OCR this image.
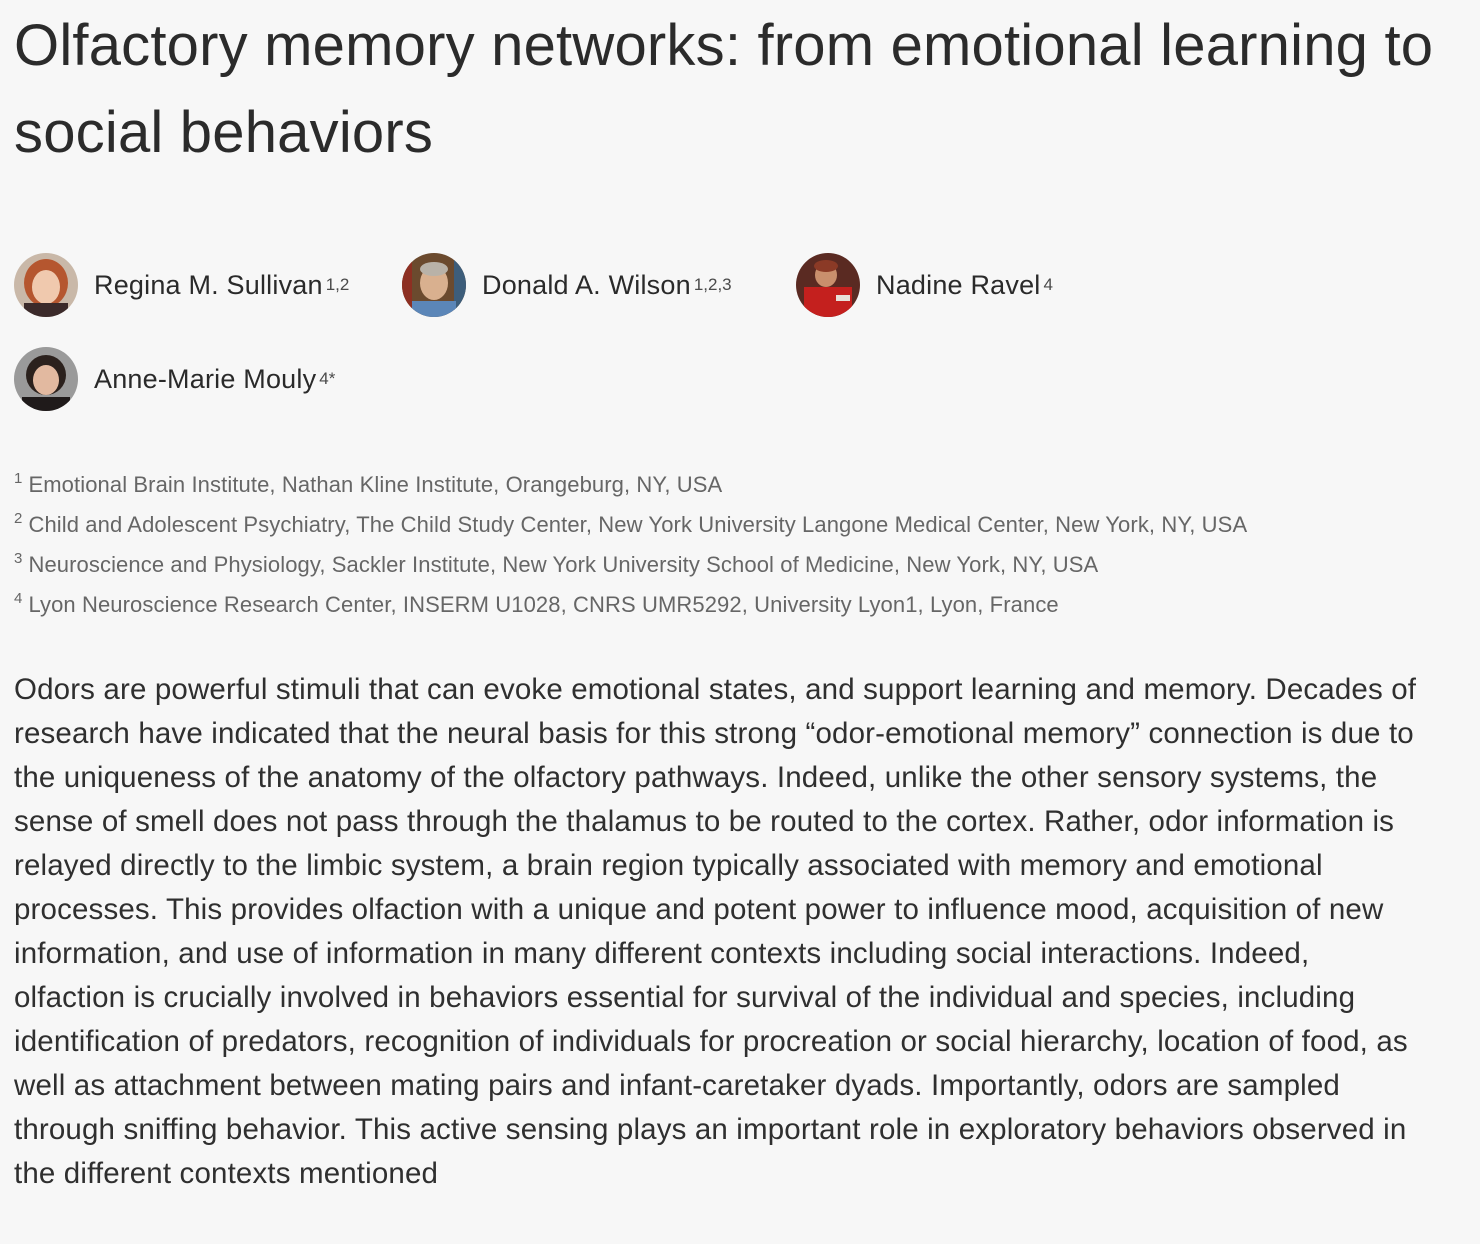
Olfactory memory networks: from emotional learning to social behaviors
Regina M. Sullivan 1,2	Donald A. Wilson 1,2,3	Nadine Ravel 4
Anne-Marie Mouly 4*
$^1$ Emotional Brain Institute, Nathan Kline Institute, Orangeburg, NY, USA
$^2$ Child and Adolescent Psychiatry, The Child Study Center, New York University Langone Medical Center, New York, NY, USA
$^3$ Neuroscience and Physiology, Sackler Institute, New York University School of Medicine, New York, NY, USA
$^4$ Lyon Neuroscience Research Center, INSERM U1028, CNRS UMR5292, University Lyon1, Lyon, France

Odors are powerful stimuli that can evoke emotional states, and support learning and memory. Decades of research have indicated that the neural basis for this strong “odor-emotional memory” connection is due to the uniqueness of the anatomy of the olfactory pathways. Indeed, unlike the other sensory systems, the sense of smell does not pass through the thalamus to be routed to the cortex. Rather, odor information is relayed directly to the limbic system, a brain region typically associated with memory and emotional processes. This provides olfaction with a unique and potent power to influence mood, acquisition of new information, and use of information in many different contexts including social interactions. Indeed, olfaction is crucially involved in behaviors essential for survival of the individual and species, including identification of predators, recognition of individuals for procreation or social hierarchy, location of food, as well as attachment between mating pairs and infant-caretaker dyads. Importantly, odors are sampled through sniffing behavior. This active sensing plays an important role in exploratory behaviors observed in the different contexts mentioned
